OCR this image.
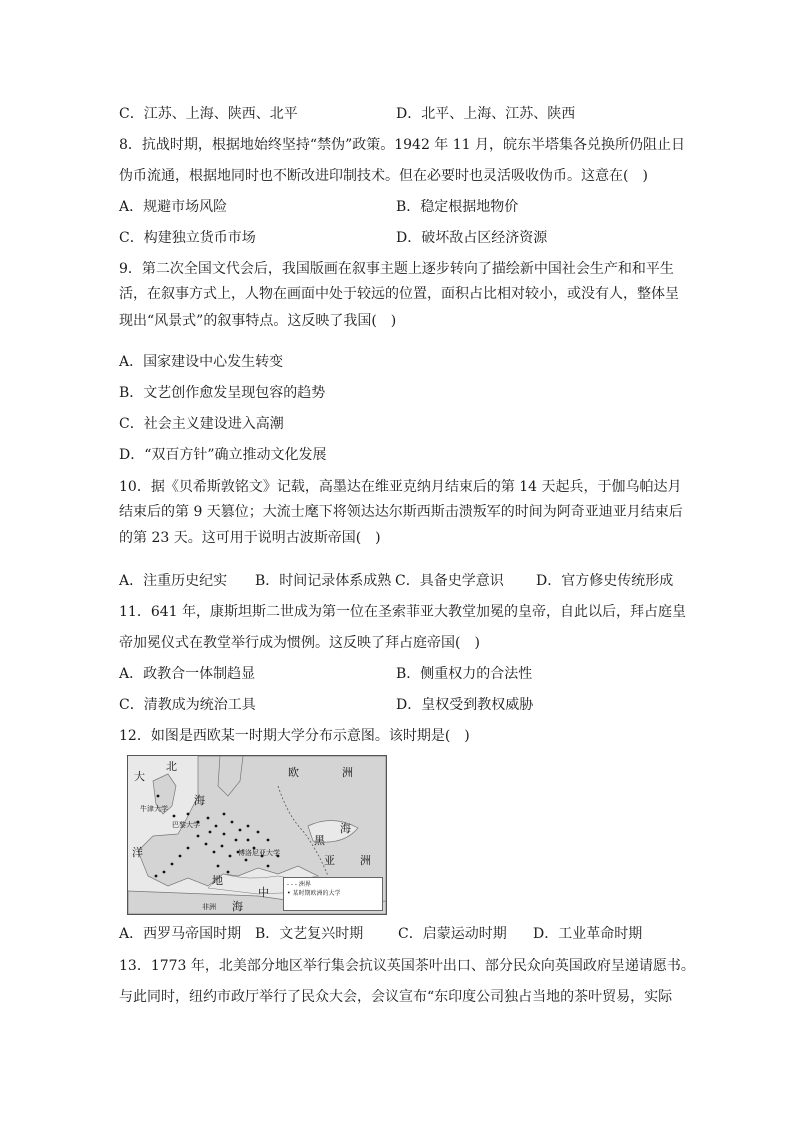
C．江苏、上海、陕西、北平	D．北平、上海、江苏、陕西
8．抗战时期，根据地始终坚持“禁伪”政策。1942 年 11 月，皖东半塔集各兑换所仍阻止日
伪币流通，根据地同时也不断改进印制技术。但在必要时也灵活吸收伪币。这意在(　)
A．规避市场风险	B．稳定根据地物价
C．构建独立货币市场	D．破坏敌占区经济资源
9．第二次全国文代会后，我国版画在叙事主题上逐步转向了描绘新中国社会生产和和平生
活，在叙事方式上，人物在画面中处于较远的位置，面积占比相对较小，或没有人，整体呈
现出“风景式”的叙事特点。这反映了我国(　)
A．国家建设中心发生转变
B．文艺创作愈发呈现包容的趋势
C．社会主义建设进入高潮
D．“双百方针”确立推动文化发展
10．据《贝希斯敦铭文》记载，高墨达在维亚克纳月结束后的第 14 天起兵，于伽乌帕达月
结束后的第 9 天篡位；大流士麾下将领达达尔斯西斯击溃叛军的时间为阿奇亚迪亚月结束后
的第 23 天。这可用于说明古波斯帝国(　)
A．注重历史纪实 B．时间记录体系成熟 C．具备史学意识 D．官方修史传统形成
11．641 年，康斯坦斯二世成为第一位在圣索菲亚大教堂加冕的皇帝，自此以后，拜占庭皇
帝加冕仪式在教堂举行成为惯例。这反映了拜占庭帝国(　)
A．政教合一体制趋显	B．侧重权力的合法性
C．清教成为统治工具	D．皇权受到教权威胁
12．如图是西欧某一时期大学分布示意图。该时期是(　)
大
北
海
欧	洲
牛津大学
巴黎大学
博洛尼亚大学
黑
海
亚 洲
洋
地
中
非洲 海
- - - 洲界
• 某时期欧洲的大学
A．西罗马帝国时期 B．文艺复兴时期 C．启蒙运动时期 D．工业革命时期
13．1773 年，北美部分地区举行集会抗议英国茶叶出口、部分民众向英国政府呈递请愿书。
与此同时，纽约市政厅举行了民众大会，会议宣布“东印度公司独占当地的茶叶贸易，实际
